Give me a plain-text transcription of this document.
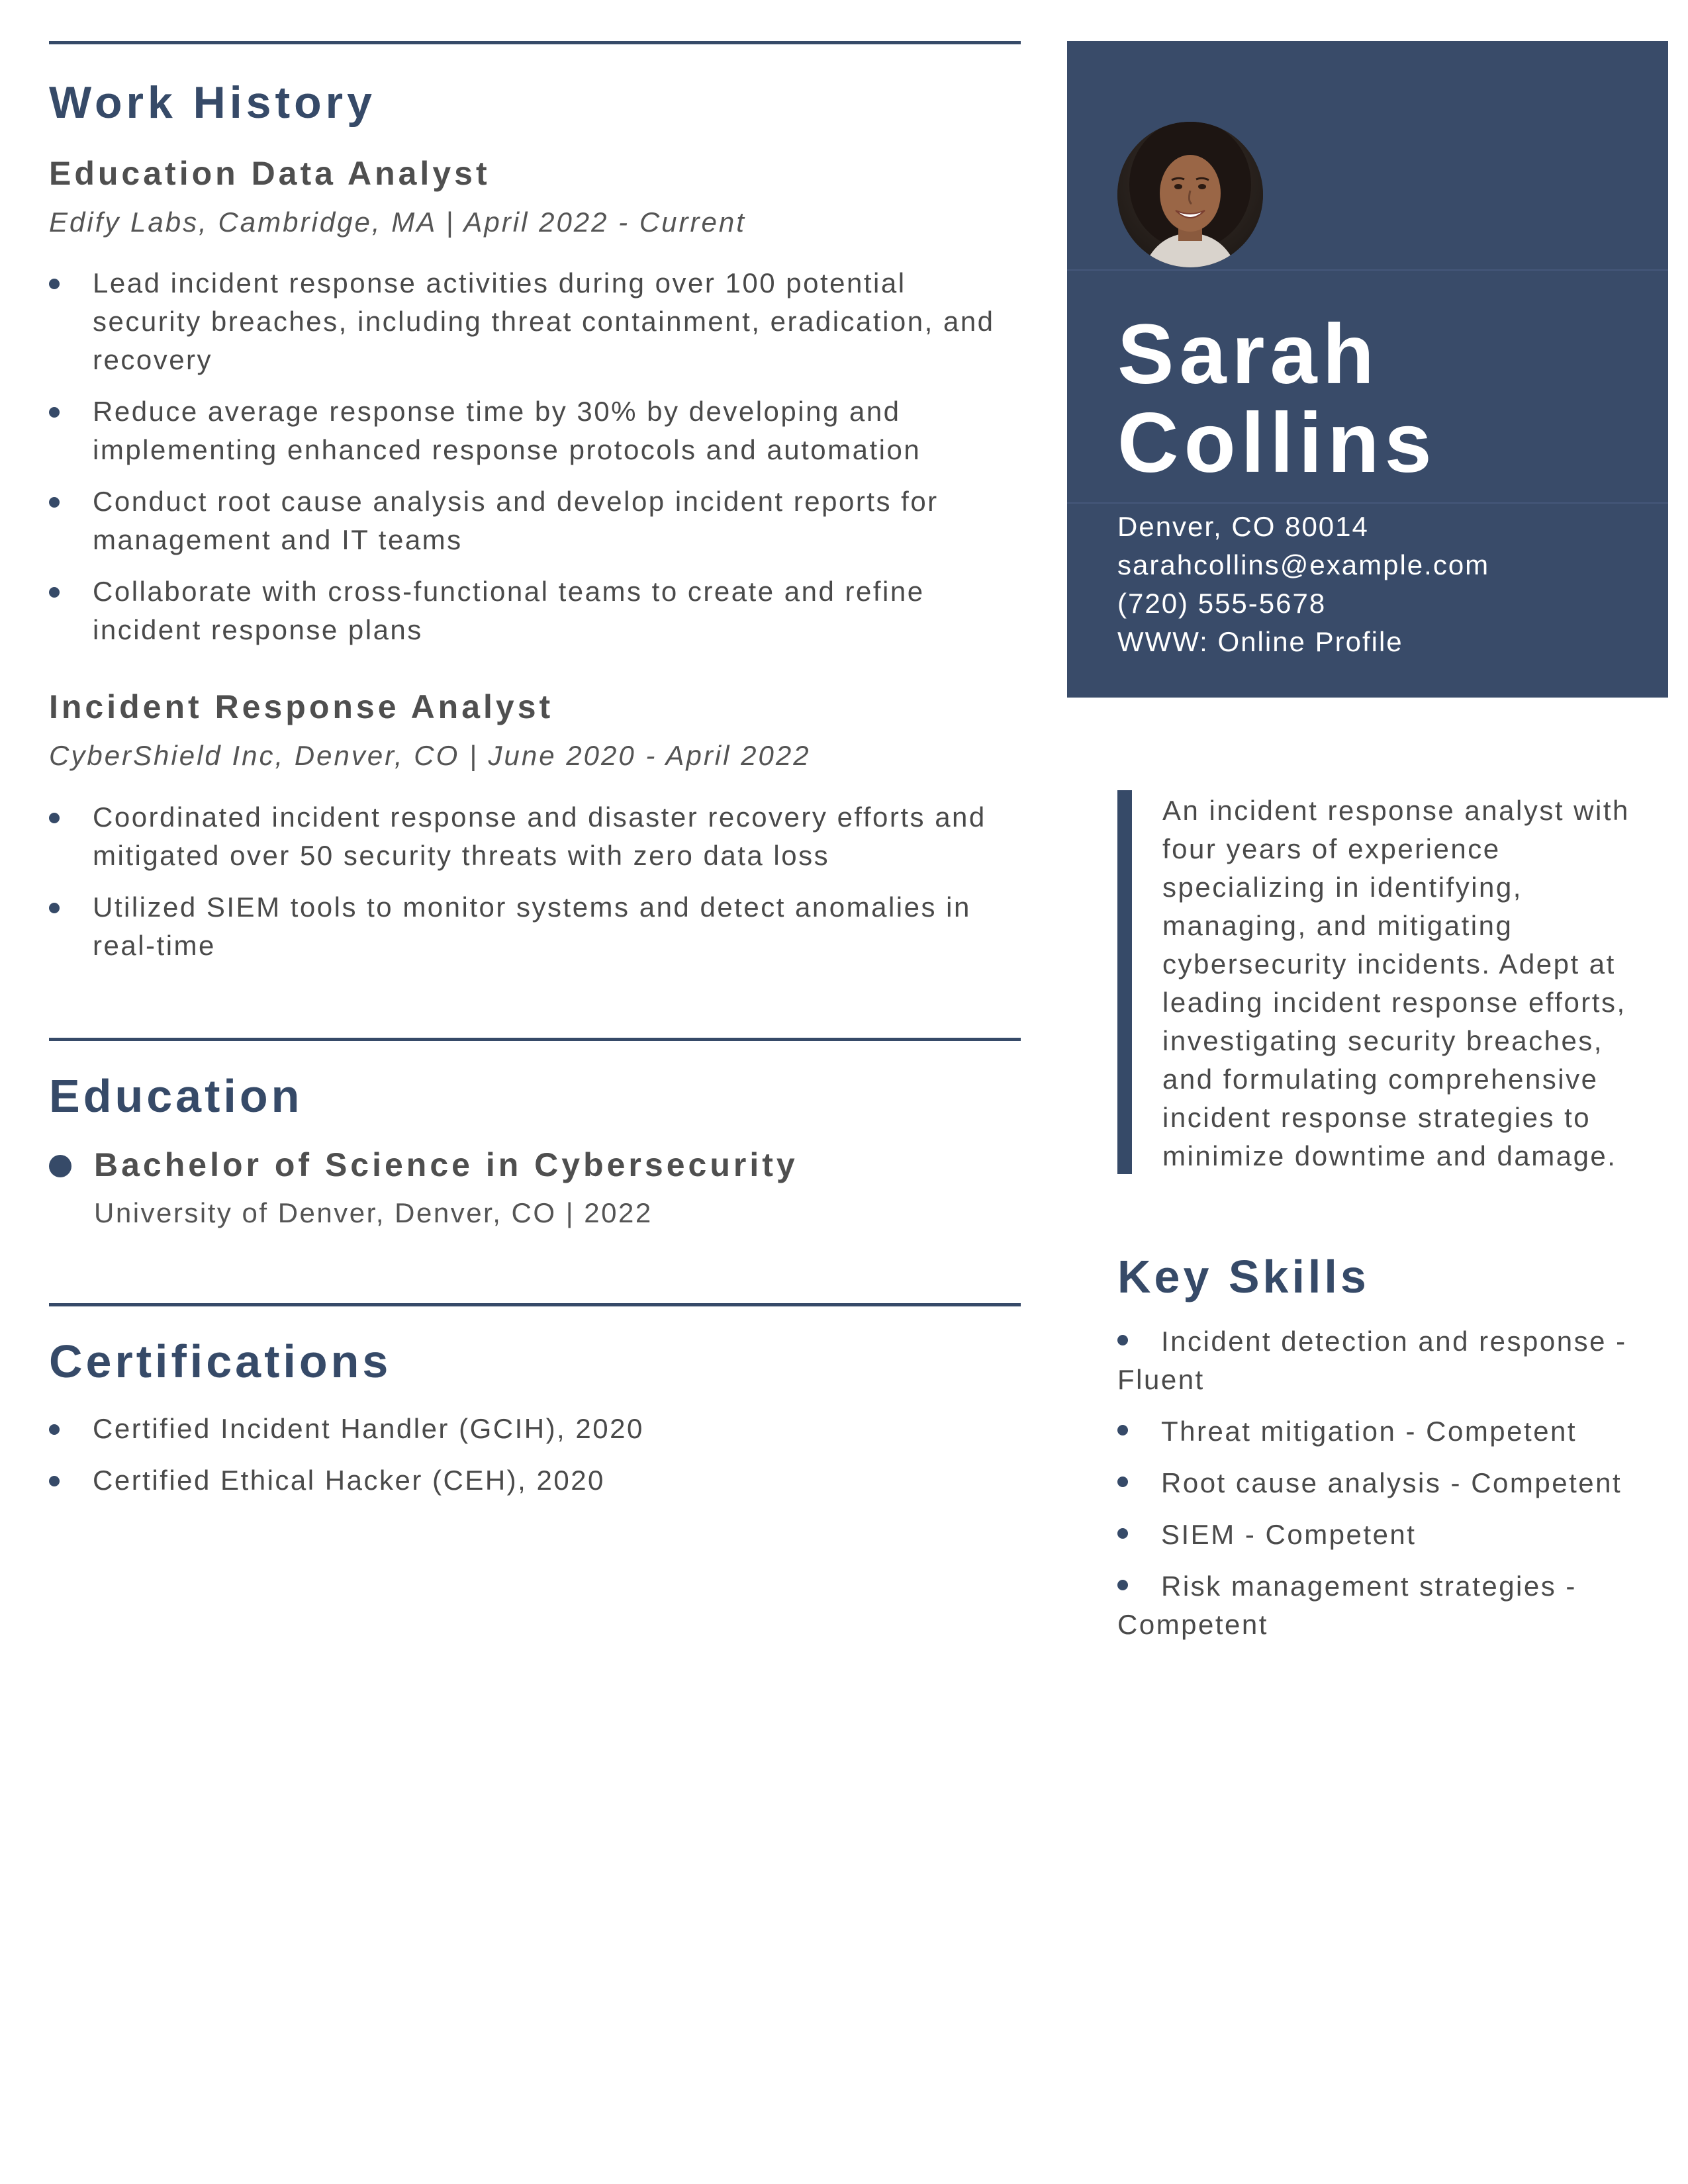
Work History
Education Data Analyst
Edify Labs, Cambridge, MA | April 2022 - Current
Lead incident response activities during over 100 potential security breaches, including threat containment, eradication, and recovery
Reduce average response time by 30% by developing and implementing enhanced response protocols and automation
Conduct root cause analysis and develop incident reports for management and IT teams
Collaborate with cross-functional teams to create and refine incident response plans
Incident Response Analyst
CyberShield Inc, Denver, CO | June 2020 - April 2022
Coordinated incident response and disaster recovery efforts and mitigated over 50 security threats with zero data loss
Utilized SIEM tools to monitor systems and detect anomalies in real-time
Education
Bachelor of Science in Cybersecurity
University of Denver, Denver, CO | 2022
Certifications
Certified Incident Handler (GCIH), 2020
Certified Ethical Hacker (CEH), 2020
Sarah
Collins
Denver, CO 80014
sarahcollins@example.com
(720) 555-5678
WWW: Online Profile
An incident response analyst with four years of experience specializing in identifying, managing, and mitigating cybersecurity incidents. Adept at leading incident response efforts, investigating security breaches, and formulating comprehensive incident response strategies to minimize downtime and damage.
Key Skills
Incident detection and response - Fluent
Threat mitigation - Competent
Root cause analysis - Competent
SIEM - Competent
Risk management strategies - Competent
